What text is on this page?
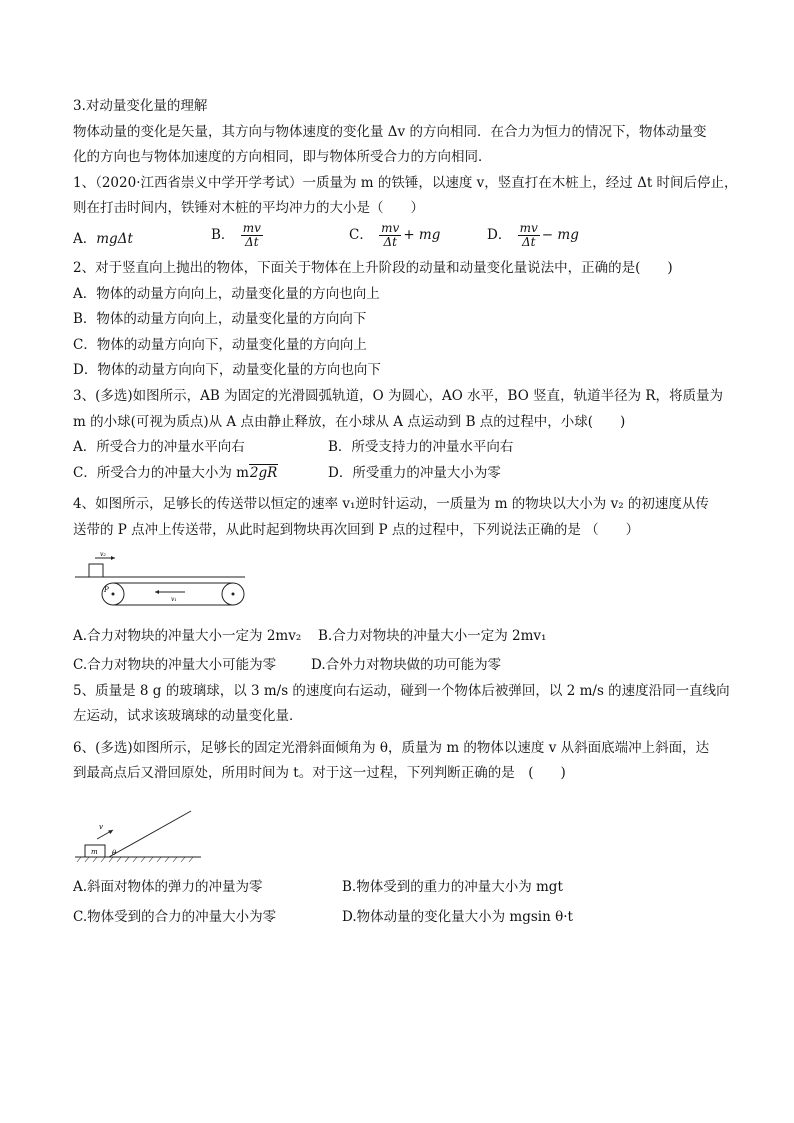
3.对动量变化量的理解
物体动量的变化是矢量，其方向与物体速度的变化量 Δv 的方向相同．在合力为恒力的情况下，物体动量变
化的方向也与物体加速度的方向相同，即与物体所受合力的方向相同．
1、（2020·江西省崇义中学开学考试）一质量为 m 的铁锤，以速度 v，竖直打在木桩上，经过 Δt 时间后停止，
则在打击时间内，铁锤对木桩的平均冲力的大小是（　　）
A．mgΔt	B． $\frac{mv}{\Delta t}$	C． $\frac{mv}{\Delta t}$ + mg	D． $\frac{mv}{\Delta t}$ − mg
2、对于竖直向上抛出的物体，下面关于物体在上升阶段的动量和动量变化量说法中，正确的是(　　)
A．物体的动量方向向上，动量变化量的方向也向上
B．物体的动量方向向上，动量变化量的方向向下
C．物体的动量方向向下，动量变化量的方向向上
D．物体的动量方向向下，动量变化量的方向也向下
3、(多选)如图所示，AB 为固定的光滑圆弧轨道，O 为圆心，AO 水平，BO 竖直，轨道半径为 R，将质量为
m 的小球(可视为质点)从 A 点由静止释放，在小球从 A 点运动到 B 点的过程中，小球(　　)
A．所受合力的冲量水平向右	B．所受支持力的冲量水平向右
C．所受合力的冲量大小为 m2gR	D．所受重力的冲量大小为零
4、如图所示，足够长的传送带以恒定的速率 v₁逆时针运动，一质量为 m 的物块以大小为 v₂ 的初速度从传
送带的 P 点冲上传送带，从此时起到物块再次回到 P 点的过程中，下列说法正确的是 （　　）
v₂
v₁
P
A.合力对物块的冲量大小一定为 2mv₂ B.合力对物块的冲量大小一定为 2mv₁
C.合力对物块的冲量大小可能为零	D.合外力对物块做的功可能为零
5、质量是 8 g 的玻璃球，以 3 m/s 的速度向右运动，碰到一个物体后被弹回，以 2 m/s 的速度沿同一直线向
左运动，试求该玻璃球的动量变化量．
6、(多选)如图所示，足够长的固定光滑斜面倾角为 θ，质量为 m 的物体以速度 v 从斜面底端冲上斜面，达
到最高点后又滑回原处，所用时间为 t。对于这一过程，下列判断正确的是　(　　)
m θ
v
A.斜面对物体的弹力的冲量为零	B.物体受到的重力的冲量大小为 mgt
C.物体受到的合力的冲量大小为零	D.物体动量的变化量大小为 mgsin θ·t
